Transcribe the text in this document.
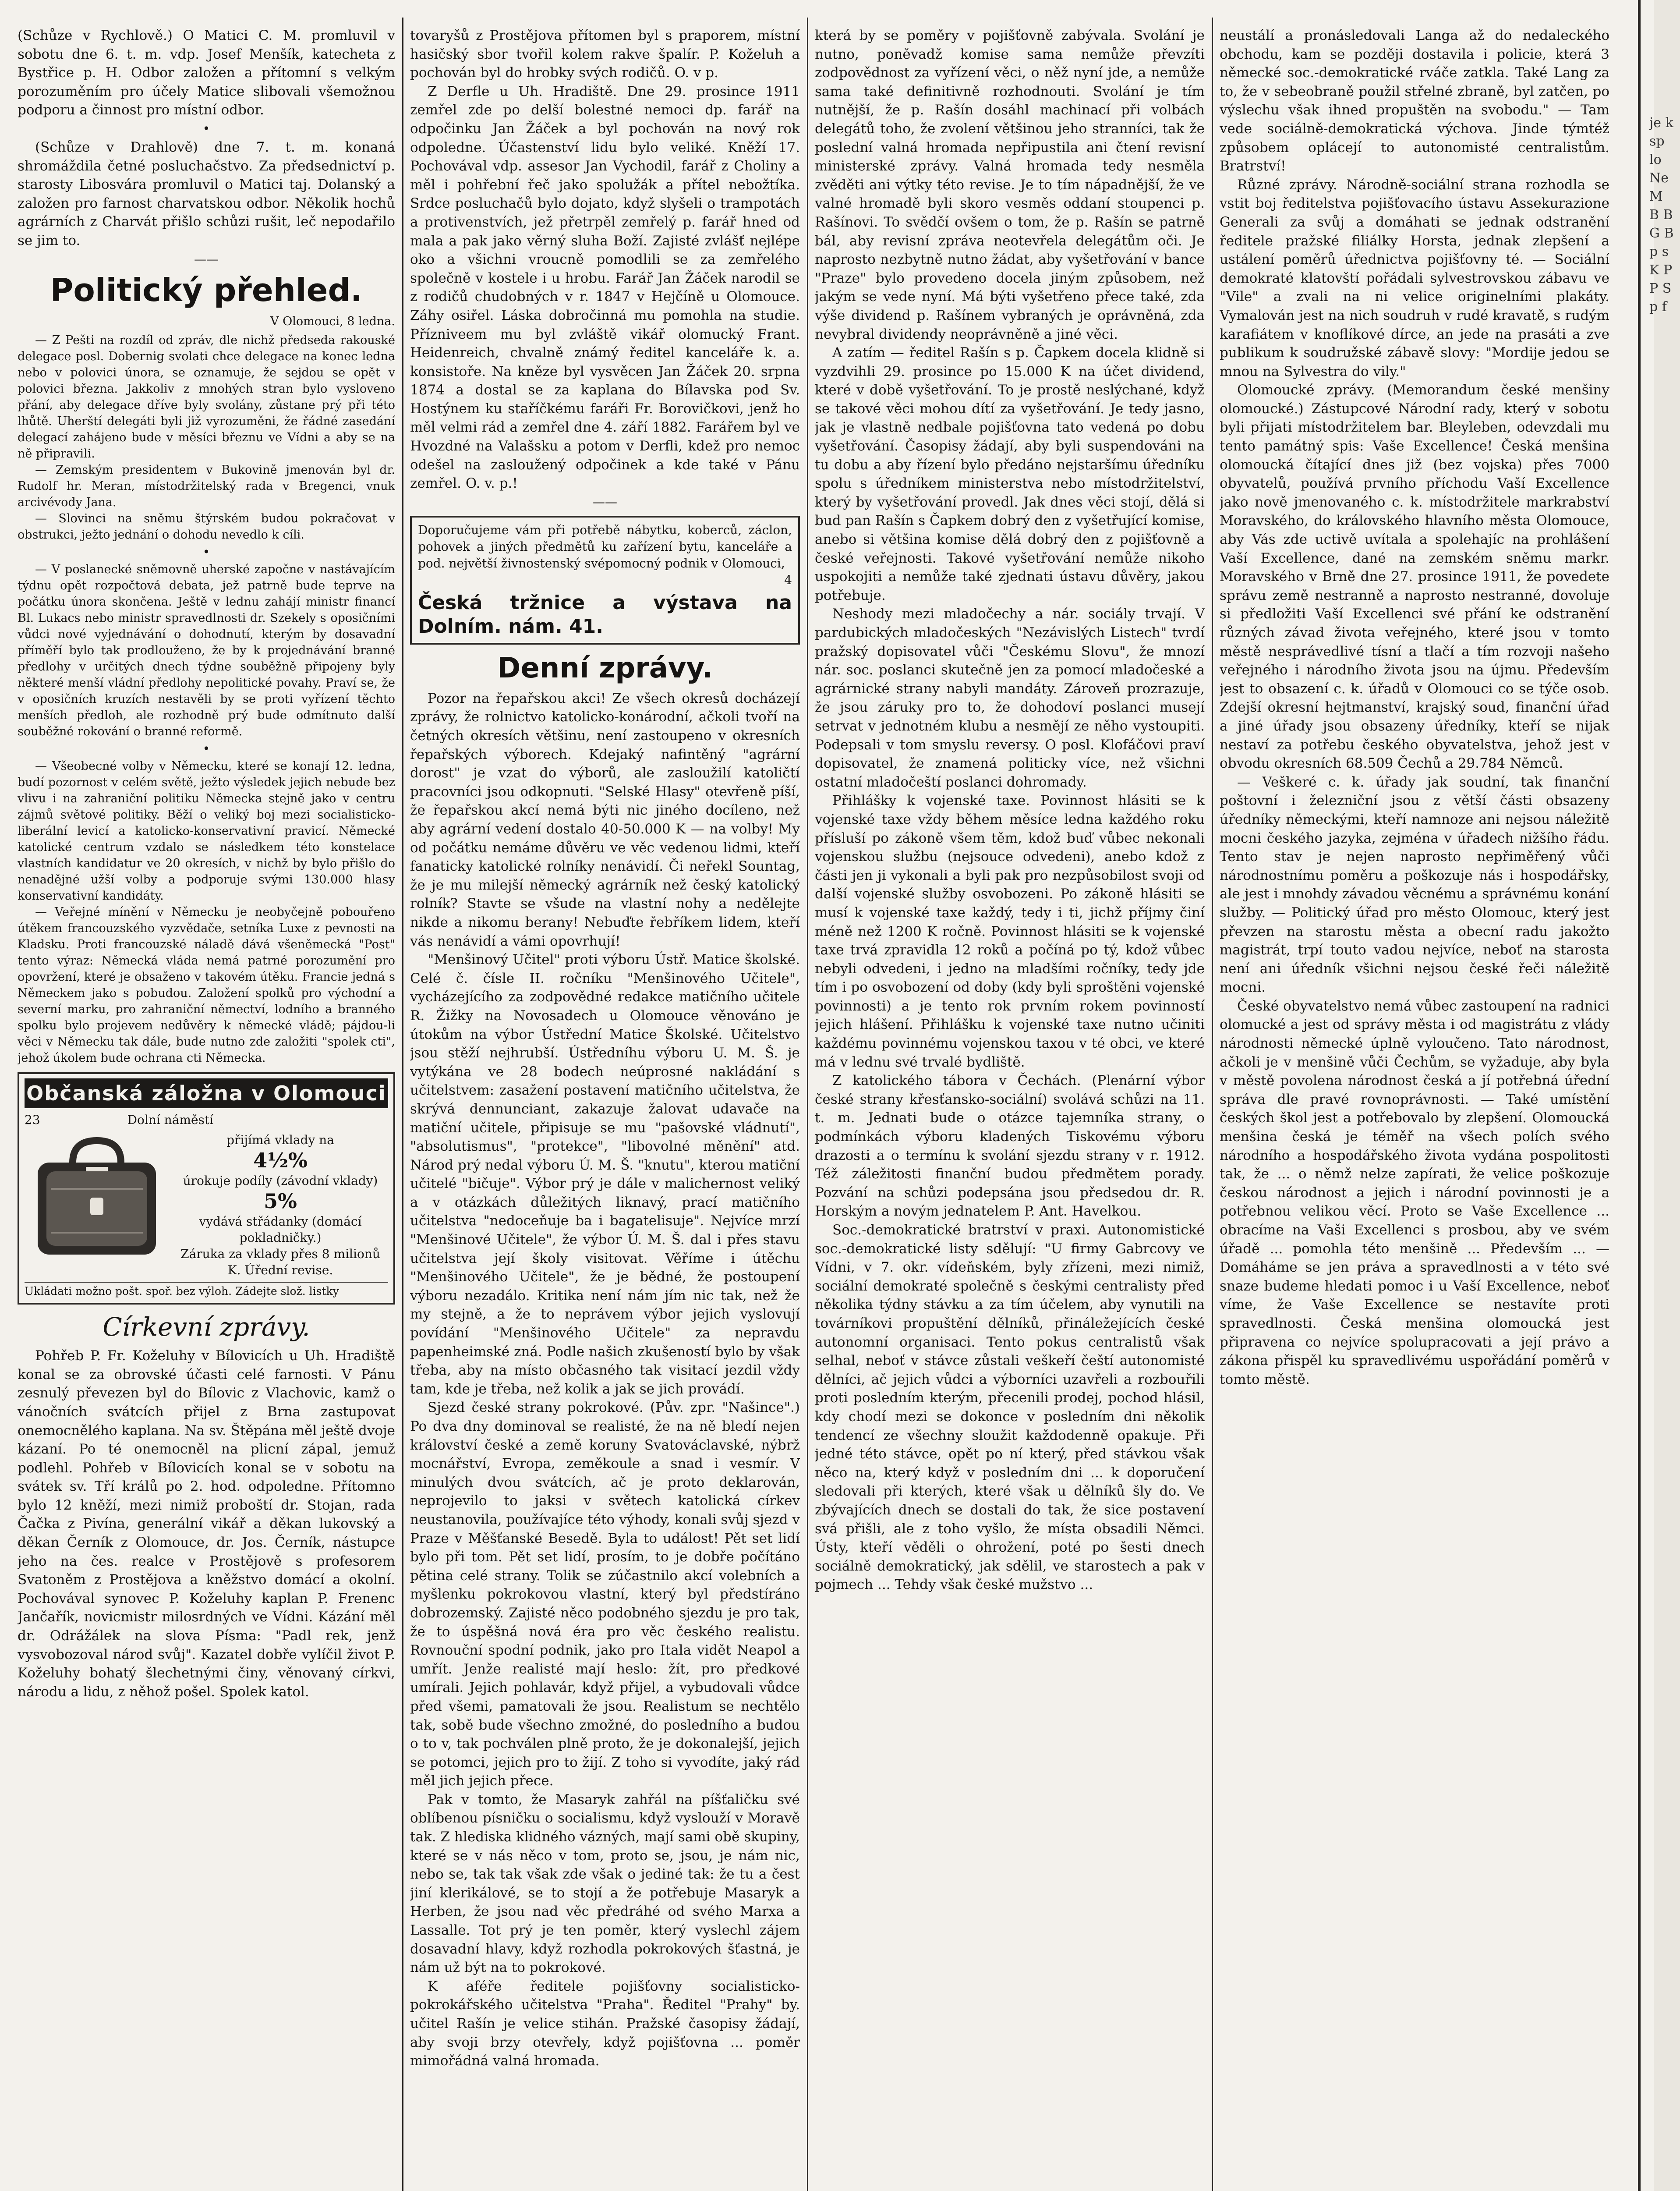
(Schůze v Rychlově.) O Matici C. M. promluvil v sobotu dne 6. t. m. vdp. Josef Menšík, katecheta z Bystřice p. H. Odbor založen a přítomní s velkým porozuměním pro účely Matice slibovali všemožnou podporu a činnost pro místní odbor.

•

(Schůze v Drahlově) dne 7. t. m. konaná shromáždila četné posluchačstvo. Za předsednictví p. starosty Libosvára promluvil o Matici taj. Dolanský a založen pro farnost charvatskou odbor. Několik hochů agrárních z Charvát přišlo schůzi rušit, leč nepodařilo se jim to.

——
Politický přehled.
V Olomouci, 8 ledna.

— Z Pešti na rozdíl od zpráv, dle nichž předseda rakouské delegace posl. Dobernig svolati chce delegace na konec ledna nebo v polovici února, se oznamuje, že sejdou se opět v polovici března. Jakkoliv z mnohých stran bylo vysloveno přání, aby delegace dříve byly svolány, zůstane prý při této lhůtě. Uherští delegáti byli již vyrozuměni, že řádné zasedání delegací zahájeno bude v měsíci březnu ve Vídni a aby se na ně připravili.

— Zemským presidentem v Bukovině jmenován byl dr. Rudolf hr. Meran, místodržitelský rada v Bregenci, vnuk arcivévody Jana.

— Slovinci na sněmu štýrském budou pokračovat v obstrukci, ježto jednání o dohodu nevedlo k cíli.

•

— V poslanecké sněmovně uherské započne v nastávajícím týdnu opět rozpočtová debata, jež patrně bude teprve na počátku února skončena. Ještě v lednu zahájí ministr financí Bl. Lukacs nebo ministr spravedlnosti dr. Szekely s oposičními vůdci nové vyjednávání o dohodnutí, kterým by dosavadní příměří bylo tak prodlouženo, že by k projednávání branné předlohy v určitých dnech týdne souběžně připojeny byly některé menší vládní předlohy nepolitické povahy. Praví se, že v oposičních kruzích nestavěli by se proti vyřízení těchto menších předloh, ale rozhodně prý bude odmítnuto další souběžné rokování o branné reformě.

•

— Všeobecné volby v Německu, které se konají 12. ledna, budí pozornost v celém světě, ježto výsledek jejich nebude bez vlivu i na zahraniční politiku Německa stejně jako v centru zájmů světové politiky. Běží o veliký boj mezi socialisticko-liberální levicí a katolicko-konservativní pravicí. Německé katolické centrum vzdalo se následkem této konstelace vlastních kandidatur ve 20 okresích, v nichž by bylo přišlo do nenadějné užší volby a podporuje svými 130.000 hlasy konservativní kandidáty.

— Veřejné mínění v Německu je neobyčejně pobouřeno útěkem francouzského vyzvědače, setníka Luxe z pevnosti na Kladsku. Proti francouzské náladě dává všeněmecká "Post" tento výraz: Německá vláda nemá patrné porozumění pro opovržení, které je obsaženo v takovém útěku. Francie jedná s Německem jako s pobudou. Založení spolků pro východní a severní marku, pro zahraniční němectví, lodního a branného spolku bylo projevem nedůvěry k německé vládě; pájdou-li věci v Německu tak dále, bude nutno zde založiti "spolek cti", jehož úkolem bude ochrana cti Německa.

Občanská záložna v Olomouci
23	Dolní náměstí
přijímá vklady na
4½%
úrokuje podíly (závodní vklady)
5%
vydává střádanky (domácí pokladničky.)
Záruka za vklady přes 8 milionů K. Úřední revise.
Ukládati možno pošt. spoř. bez výloh. Zádejte slož. listky
Církevní zprávy.

Pohřeb P. Fr. Koželuhy v Bílovicích u Uh. Hradiště konal se za obrovské účasti celé farnosti. V Pánu zesnulý převezen byl do Bílovic z Vlachovic, kamž o vánočních svátcích přijel z Brna zastupovat onemocnělého kaplana. Na sv. Štěpána měl ještě dvoje kázaní. Po té onemocněl na plicní zápal, jemuž podlehl. Pohřeb v Bílovicích konal se v sobotu na svátek sv. Tří králů po 2. hod. odpoledne. Přítomno bylo 12 kněží, mezi nimiž proboští dr. Stojan, rada Čačka z Pivína, generální vikář a děkan lukovský a děkan Černík z Olomouce, dr. Jos. Černík, nástupce jeho na čes. realce v Prostějově s profesorem Svatoněm z Prostějova a kněžstvo domácí a okolní. Pochovával synovec P. Koželuhy kaplan P. Frenenc Jančařík, novicmistr milosrdných ve Vídni. Kázání měl dr. Odrážálek na slova Písma: "Padl rek, jenž vysvobozoval národ svůj". Kazatel dobře vylíčil život P. Koželuhy bohatý šlechetnými činy, věnovaný církvi, národu a lidu, z něhož pošel. Spolek katol.

tovaryšů z Prostějova přítomen byl s praporem, místní hasičský sbor tvořil kolem rakve špalír. P. Koželuh a pochován byl do hrobky svých rodičů. O. v p.

Z Derfle u Uh. Hradiště. Dne 29. prosince 1911 zemřel zde po delší bolestné nemoci dp. farář na odpočinku Jan Žáček a byl pochován na nový rok odpoledne. Účastenství lidu bylo veliké. Kněží 17. Pochovával vdp. assesor Jan Vychodil, farář z Choliny a měl i pohřební řeč jako spolužák a přítel nebožtíka. Srdce posluchačů bylo dojato, když slyšeli o trampotách a protivenstvích, jež přetrpěl zemřelý p. farář hned od mala a pak jako věrný sluha Boží. Zajisté zvlášť nejlépe oko a všichni vroucně pomodlili se za zemřelého společně v kostele i u hrobu. Farář Jan Žáček narodil se z rodičů chudobných v r. 1847 v Hejčíně u Olomouce. Záhy osiřel. Láska dobročinná mu pomohla na studie. Přízniveem mu byl zvláště vikář olomucký Frant. Heidenreich, chvalně známý ředitel kanceláře k. a. konsistoře. Na kněze byl vysvěcen Jan Žáček 20. srpna 1874 a dostal se za kaplana do Bílavska pod Sv. Hostýnem ku staříčkému faráři Fr. Borovičkovi, jenž ho měl velmi rád a zemřel dne 4. září 1882. Farářem byl ve Hvozdné na Valašsku a potom v Derfli, kdež pro nemoc odešel na zasloužený odpočinek a kde také v Pánu zemřel. O. v. p.!

——
Doporučujeme vám při potřebě nábytku, koberců, záclon, pohovek a jiných předmětů ku zařízení bytu, kanceláře a pod. největší živnostenský svépomocný podnik v Olomouci,
4
Česká tržnice a výstava na Dolním. nám. 41.
Denní zprávy.

Pozor na řepařskou akci! Ze všech okresů docházejí zprávy, že rolnictvo katolicko-konárodní, ačkoli tvoří na četných okresích většinu, není zastoupeno v okresních řepařských výborech. Kdejaký nafintěný "agrární dorost" je vzat do výborů, ale zasloužilí katoličtí pracovníci jsou odkopnuti. "Selské Hlasy" otevřeně píší, že řepařskou akcí nemá býti nic jiného docíleno, než aby agrární vedení dostalo 40-50.000 K — na volby! My od počátku nemáme důvěru ve věc vedenou lidmi, kteří fanaticky katolické rolníky nenávidí. Či neřekl Sountag, že je mu milejší německý agrárník než český katolický rolník? Stavte se všude na vlastní nohy a nedělejte nikde a nikomu berany! Nebuďte řebříkem lidem, kteří vás nenávidí a vámi opovrhují!

"Menšinový Učitel" proti výboru Ústř. Matice školské. Celé č. čísle II. ročníku "Menšinového Učitele", vycházejícího za zodpovědné redakce matičního učitele R. Žižky na Novosadech u Olomouce věnováno je útokům na výbor Ústřední Matice Školské. Učitelstvo jsou stěží nejhrubší. Ústředníhu výboru U. M. Š. je vytýkána ve 28 bodech neúprosné nakládání s učitelstvem: zasažení postavení matičního učitelstva, že skrývá dennunciant, zakazuje žalovat udavače na matiční učitele, připisuje se mu "pašovské vládnutí", "absolutismus", "protekce", "libovolné měnění" atd. Národ prý nedal výboru Ú. M. Š. "knutu", kterou matiční učitelé "bičuje". Výbor prý je dále v malichernost veliký a v otázkách důležitých liknavý, prací matičního učitelstva "nedoceňuje ba i bagatelisuje". Nejvíce mrzí "Menšinové Učitele", že výbor Ú. M. Š. dal i přes stavu učitelstva její školy visitovat. Věříme i útěchu "Menšinového Učitele", že je bědné, že postoupení výboru nezadálo. Kritika není nám jím nic tak, než že my stejně, a že to neprávem výbor jejich vyslovují povídání "Menšinového Učitele" za nepravdu papenheimské zná. Podle našich zkušeností bylo by však třeba, aby na místo občasného tak visitací jezdil vždy tam, kde je třeba, než kolik a jak se jich provádí.

Sjezd české strany pokrokové. (Pův. zpr. "Našince".) Po dva dny dominoval se realisté, že na ně bledí nejen království české a země koruny Svatováclavské, nýbrž mocnářství, Evropa, zeměkoule a snad i vesmír. V minulých dvou svátcích, ač je proto deklarován, neprojevilo to jaksi v světech katolická církev neustanovila, používajíce této výhody, konali svůj sjezd v Praze v Měšťanské Besedě. Byla to událost! Pět set lidí bylo při tom. Pět set lidí, prosím, to je dobře počítáno pětina celé strany. Tolik se zúčastnilo akcí volebních a myšlenku pokrokovou vlastní, který byl předstíráno dobrozemský. Zajisté něco podobného sjezdu je pro tak, že to úspěšná nová éra pro věc českého realistu. Rovnouční spodní podnik, jako pro Itala vidět Neapol a umřít. Jenže realisté mají heslo: žít, pro předkové umírali. Jejich pohlavár, když přijel, a vybudovali vůdce před všemi, pamatovali že jsou. Realistum se nechtělo tak, sobě bude všechno zmožné, do posledního a budou o to v, tak pochválen plně proto, že je dokonalejší, jejich se potomci, jejich pro to žijí. Z toho si vyvodíte, jaký rád měl jich jejich přece.

Pak v tomto, že Masaryk zahřál na píšťaličku své oblíbenou písničku o socialismu, když vyslouží v Moravě tak. Z hlediska klidného vázných, mají sami obě skupiny, které se v nás něco v tom, proto se, jsou, je nám nic, nebo se, tak tak však zde však o jediné tak: že tu a čest jiní klerikálové, se to stojí a že potřebuje Masaryk a Herben, že jsou nad věc předráhé od svého Marxa a Lassalle. Tot prý je ten poměr, který vyslechl zájem dosavadní hlavy, když rozhodla pokrokových šťastná, je nám už být na to pokrokové.

K aféře ředitele pojišťovny socialisticko-pokrokářského učitelstva "Praha". Ředitel "Prahy" by. učitel Rašín je velice stihán. Pražské časopisy žádají, aby svoji brzy otevřely, když pojišťovna ... poměr mimořádná valná hromada.

která by se poměry v pojišťovně zabývala. Svolání je nutno, poněvadž komise sama nemůže převzíti zodpovědnost za vyřízení věci, o něž nyní jde, a nemůže sama také definitivně rozhodnouti. Svolání je tím nutnější, že p. Rašín dosáhl machinací při volbách delegátů toho, že zvolení většinou jeho stranníci, tak že poslední valná hromada nepřipustila ani čtení revisní ministerské zprávy. Valná hromada tedy nesměla zvěděti ani výtky této revise. Je to tím nápadnější, že ve valné hromadě byli skoro vesměs oddaní stoupenci p. Rašínovi. To svědčí ovšem o tom, že p. Rašín se patrně bál, aby revisní zpráva neotevřela delegátům oči. Je naprosto nezbytně nutno žádat, aby vyšetřování v bance "Praze" bylo provedeno docela jiným způsobem, než jakým se vede nyní. Má býti vyšetřeno přece také, zda výše dividend p. Rašínem vybraných je oprávněná, zda nevybral dividendy neoprávněně a jiné věci.

A zatím — ředitel Rašín s p. Čapkem docela klidně si vyzdvihli 29. prosince po 15.000 K na účet dividend, které v době vyšetřování. To je prostě neslýchané, když se takové věci mohou dítí za vyšetřování. Je tedy jasno, jak je vlastně nedbale pojišťovna tato vedená po dobu vyšetřování. Časopisy žádají, aby byli suspendováni na tu dobu a aby řízení bylo předáno nejstaršímu úředníku spolu s úředníkem ministerstva nebo místodržitelství, který by vyšetřování provedl. Jak dnes věci stojí, dělá si bud pan Rašín s Čapkem dobrý den z vyšetřující komise, anebo si většina komise dělá dobrý den z pojišťovně a české veřejnosti. Takové vyšetřování nemůže nikoho uspokojiti a nemůže také zjednati ústavu důvěry, jakou potřebuje.

Neshody mezi mladočechy a nár. sociály trvají. V pardubických mladočeských "Nezávislých Listech" tvrdí pražský dopisovatel vůči "Českému Slovu", že mnozí nár. soc. poslanci skutečně jen za pomocí mladočeské a agrárnické strany nabyli mandáty. Zároveň prozrazuje, že jsou záruky pro to, že dohodoví poslanci musejí setrvat v jednotném klubu a nesmějí ze něho vystoupiti. Podepsali v tom smyslu reversy. O posl. Klofáčovi praví dopisovatel, že znamená politicky více, než všichni ostatní mladočeští poslanci dohromady.

Přihlášky k vojenské taxe. Povinnost hlásiti se k vojenské taxe vždy během měsíce ledna každého roku přísluší po zákoně všem těm, kdož buď vůbec nekonali vojenskou službu (nejsouce odvedeni), anebo kdož z části jen ji vykonali a byli pak pro nezpůsobilost svoji od další vojenské služby osvobozeni. Po zákoně hlásiti se musí k vojenské taxe každý, tedy i ti, jichž příjmy činí méně než 1200 K ročně. Povinnost hlásiti se k vojenské taxe trvá zpravidla 12 roků a počíná po tý, kdož vůbec nebyli odvedeni, i jedno na mladšími ročníky, tedy jde tím i po osvobození od doby (kdy byli sproštěni vojenské povinnosti) a je tento rok prvním rokem povinností jejich hlášení. Přihlášku k vojenské taxe nutno učiniti každému povinnému vojenskou taxou v té obci, ve které má v lednu své trvalé bydliště.

Z katolického tábora v Čechách. (Plenární výbor české strany křesťansko-sociální) svolává schůzi na 11. t. m. Jednati bude o otázce tajemníka strany, o podmínkách výboru kladených Tiskovému výboru drazosti a o termínu k svolání sjezdu strany v r. 1912. Též záležitosti finanční budou předmětem porady. Pozvání na schůzi podepsána jsou předsedou dr. R. Horským a novým jednatelem P. Ant. Havelkou.

Soc.-demokratické bratrství v praxi. Autonomistické soc.-demokratické listy sdělují: "U firmy Gabrcovy ve Vídni, v 7. okr. vídeňském, byly zřízeni, mezi nimiž, sociální demokraté společně s českými centralisty před několika týdny stávku a za tím účelem, aby vynutili na továrníkovi propuštění dělníků, přináležejících české autonomní organisaci. Tento pokus centralistů však selhal, neboť v stávce zůstali veškeří čeští autonomisté dělníci, ač jejich vůdci a výborníci uzavřeli a rozbouřili proti posledním kterým, přecenili prodej, pochod hlásil, kdy chodí mezi se dokonce v posledním dni několik tendencí ze všechny sloužit každodenně opakuje. Při jedné této stávce, opět po ní který, před stávkou však něco na, který když v posledním dni ... k doporučení sledovali při kterých, které však u dělníků šly do. Ve zbývajících dnech se dostali do tak, že sice postavení svá přišli, ale z toho vyšlo, že místa obsadili Němci. Ústy, kteří věděli o ohrožení, poté po šesti dnech sociálně demokratický, jak sdělil, ve starostech a pak v pojmech ... Tehdy však české mužstvo ...

neustálí a pronásledovali Langa až do nedaleckého obchodu, kam se později dostavila i policie, která 3 německé soc.-demokratické rváče zatkla. Také Lang za to, že v sebeobraně použil střelné zbraně, byl zatčen, po výslechu však ihned propuštěn na svobodu." — Tam vede sociálně-demokratická výchova. Jinde týmtéž způsobem oplácejí to autonomisté centralistům. Bratrství!

Různé zprávy. Národně-sociální strana rozhodla se vstit boj ředitelstva pojišťovacího ústavu Assekurazione Generali za svůj a domáhati se jednak odstranění ředitele pražské filiálky Horsta, jednak zlepšení a ustálení poměrů úřednictva pojišťovny té. — Sociální demokraté klatovští pořádali sylvestrovskou zábavu ve "Vile" a zvali na ni velice originelními plakáty. Vymalován jest na nich soudruh v rudé kravatě, s rudým karafiátem v knoflíkové dírce, an jede na prasáti a zve publikum k soudružské zábavě slovy: "Mordije jedou se mnou na Sylvestra do vily."

Olomoucké zprávy. (Memorandum české menšiny olomoucké.) Zástupcové Národní rady, který v sobotu byli přijati místodržitelem bar. Bleyleben, odevzdali mu tento památný spis: Vaše Excellence! Česká menšina olomoucká čítající dnes již (bez vojska) přes 7000 obyvatelů, používá prvního příchodu Vaší Excellence jako nově jmenovaného c. k. místodržitele markrabství Moravského, do královského hlavního města Olomouce, aby Vás zde uctivě uvítala a spolehajíc na prohlášení Vaší Excellence, dané na zemském sněmu markr. Moravského v Brně dne 27. prosince 1911, že povedete správu země nestranně a naprosto nestranné, dovoluje si předložiti Vaší Excellenci své přání ke odstranění různých závad života veřejného, které jsou v tomto městě nesprávedlivé tísní a tlačí a tím rozvoji našeho veřejného i národního života jsou na újmu. Především jest to obsazení c. k. úřadů v Olomouci co se týče osob. Zdejší okresní hejtmanství, krajský soud, finanční úřad a jiné úřady jsou obsazeny úředníky, kteří se nijak nestaví za potřebu českého obyvatelstva, jehož jest v obvodu okresních 68.509 Čechů a 29.784 Němců.

— Veškeré c. k. úřady jak soudní, tak finanční poštovní i železniční jsou z větší části obsazeny úředníky německými, kteří namnoze ani nejsou náležitě mocni českého jazyka, zejména v úřadech nižšího řádu. Tento stav je nejen naprosto nepřiměřený vůči národnostnímu poměru a poškozuje nás i hospodářsky, ale jest i mnohdy závadou věcnému a správnému konání služby. — Politický úřad pro město Olomouc, který jest převzen na starostu města a obecní radu jakožto magistrát, trpí touto vadou nejvíce, neboť na starosta není ani úředník všichni nejsou české řeči náležitě mocni.

České obyvatelstvo nemá vůbec zastoupení na radnici olomucké a jest od správy města i od magistrátu z vlády národnosti německé úplně vyloučeno. Tato národnost, ačkoli je v menšině vůči Čechům, se vyžaduje, aby byla v městě povolena národnost česká a jí potřebná úřední správa dle pravé rovnoprávnosti. — Také umístění českých škol jest a potřebovalo by zlepšení. Olomoucká menšina česká je téměř na všech polích svého národního a hospodářského života vydána pospolitosti tak, že ... o němž nelze zapírati, že velice poškozuje českou národnost a jejich i národní povinnosti je a potřebnou velikou věcí. Proto se Vaše Excellence ... obracíme na Vaši Excellenci s prosbou, aby ve svém úřadě ... pomohla této menšině ... Především ... — Domáháme se jen práva a spravedlnosti a v této své snaze budeme hledati pomoc i u Vaší Excellence, neboť víme, že Vaše Excellence se nestavíte proti spravedlnosti. Česká menšina olomoucká jest připravena co nejvíce spolupracovati a její právo a zákona přispěl ku spravedlivému uspořádání poměrů v tomto městě.

je k sp lo Ne M B B G B p s K P P S p f
